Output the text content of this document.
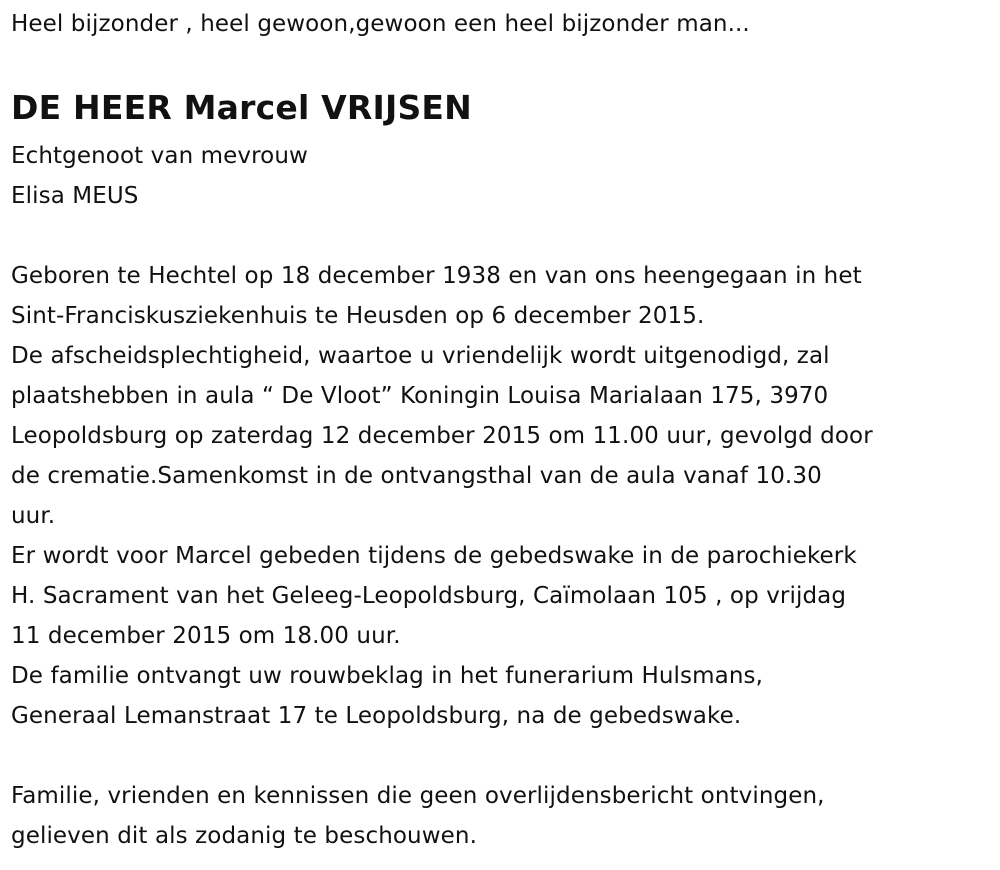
Heel bijzonder , heel gewoon,gewoon een heel bijzonder man...
DE HEER Marcel VRIJSEN
Echtgenoot van mevrouw
Elisa MEUS
Geboren te Hechtel op 18 december 1938 en van ons heengegaan in het
Sint-Franciskusziekenhuis te Heusden op 6 december 2015.
De afscheidsplechtigheid, waartoe u vriendelijk wordt uitgenodigd, zal
plaatshebben in aula “ De Vloot” Koningin Louisa Marialaan 175, 3970
Leopoldsburg op zaterdag 12 december 2015 om 11.00 uur, gevolgd door
de crematie.Samenkomst in de ontvangsthal van de aula vanaf 10.30
uur.
Er wordt voor Marcel gebeden tijdens de gebedswake in de parochiekerk
H. Sacrament van het Geleeg-Leopoldsburg, Caïmolaan 105 , op vrijdag
11 december 2015 om 18.00 uur.
De familie ontvangt uw rouwbeklag in het funerarium Hulsmans,
Generaal Lemanstraat 17 te Leopoldsburg, na de gebedswake.
Familie, vrienden en kennissen die geen overlijdensbericht ontvingen,
gelieven dit als zodanig te beschouwen.
